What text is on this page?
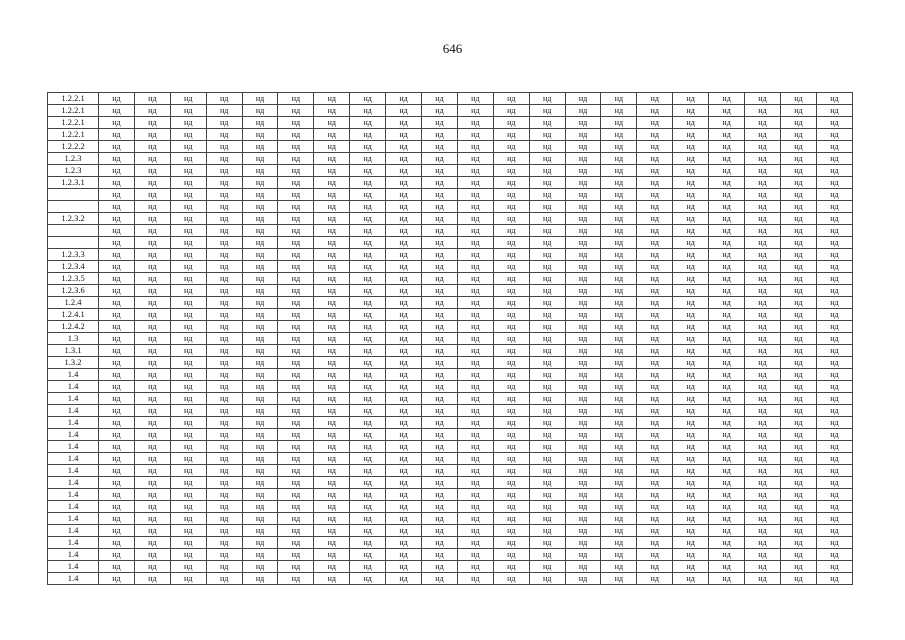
646
1.2.2.1	нд	нд	нд	нд	нд	нд	нд	нд	нд	нд	нд	нд	нд	нд	нд	нд	нд	нд	нд	нд	нд
1.2.2.1	нд	нд	нд	нд	нд	нд	нд	нд	нд	нд	нд	нд	нд	нд	нд	нд	нд	нд	нд	нд	нд
1.2.2.1	нд	нд	нд	нд	нд	нд	нд	нд	нд	нд	нд	нд	нд	нд	нд	нд	нд	нд	нд	нд	нд
1.2.2.1	нд	нд	нд	нд	нд	нд	нд	нд	нд	нд	нд	нд	нд	нд	нд	нд	нд	нд	нд	нд	нд
1.2.2.2	нд	нд	нд	нд	нд	нд	нд	нд	нд	нд	нд	нд	нд	нд	нд	нд	нд	нд	нд	нд	нд
1.2.3	нд	нд	нд	нд	нд	нд	нд	нд	нд	нд	нд	нд	нд	нд	нд	нд	нд	нд	нд	нд	нд
1.2.3	нд	нд	нд	нд	нд	нд	нд	нд	нд	нд	нд	нд	нд	нд	нд	нд	нд	нд	нд	нд	нд
1.2.3.1	нд	нд	нд	нд	нд	нд	нд	нд	нд	нд	нд	нд	нд	нд	нд	нд	нд	нд	нд	нд	нд
	нд	нд	нд	нд	нд	нд	нд	нд	нд	нд	нд	нд	нд	нд	нд	нд	нд	нд	нд	нд	нд
	нд	нд	нд	нд	нд	нд	нд	нд	нд	нд	нд	нд	нд	нд	нд	нд	нд	нд	нд	нд	нд
1.2.3.2	нд	нд	нд	нд	нд	нд	нд	нд	нд	нд	нд	нд	нд	нд	нд	нд	нд	нд	нд	нд	нд
	нд	нд	нд	нд	нд	нд	нд	нд	нд	нд	нд	нд	нд	нд	нд	нд	нд	нд	нд	нд	нд
	нд	нд	нд	нд	нд	нд	нд	нд	нд	нд	нд	нд	нд	нд	нд	нд	нд	нд	нд	нд	нд
1.2.3.3	нд	нд	нд	нд	нд	нд	нд	нд	нд	нд	нд	нд	нд	нд	нд	нд	нд	нд	нд	нд	нд
1.2.3.4	нд	нд	нд	нд	нд	нд	нд	нд	нд	нд	нд	нд	нд	нд	нд	нд	нд	нд	нд	нд	нд
1.2.3.5	нд	нд	нд	нд	нд	нд	нд	нд	нд	нд	нд	нд	нд	нд	нд	нд	нд	нд	нд	нд	нд
1.2.3.6	нд	нд	нд	нд	нд	нд	нд	нд	нд	нд	нд	нд	нд	нд	нд	нд	нд	нд	нд	нд	нд
1.2.4	нд	нд	нд	нд	нд	нд	нд	нд	нд	нд	нд	нд	нд	нд	нд	нд	нд	нд	нд	нд	нд
1.2.4.1	нд	нд	нд	нд	нд	нд	нд	нд	нд	нд	нд	нд	нд	нд	нд	нд	нд	нд	нд	нд	нд
1.2.4.2	нд	нд	нд	нд	нд	нд	нд	нд	нд	нд	нд	нд	нд	нд	нд	нд	нд	нд	нд	нд	нд
1.3	нд	нд	нд	нд	нд	нд	нд	нд	нд	нд	нд	нд	нд	нд	нд	нд	нд	нд	нд	нд	нд
1.3.1	нд	нд	нд	нд	нд	нд	нд	нд	нд	нд	нд	нд	нд	нд	нд	нд	нд	нд	нд	нд	нд
1.3.2	нд	нд	нд	нд	нд	нд	нд	нд	нд	нд	нд	нд	нд	нд	нд	нд	нд	нд	нд	нд	нд
1.4	нд	нд	нд	нд	нд	нд	нд	нд	нд	нд	нд	нд	нд	нд	нд	нд	нд	нд	нд	нд	нд
1.4	нд	нд	нд	нд	нд	нд	нд	нд	нд	нд	нд	нд	нд	нд	нд	нд	нд	нд	нд	нд	нд
1.4	нд	нд	нд	нд	нд	нд	нд	нд	нд	нд	нд	нд	нд	нд	нд	нд	нд	нд	нд	нд	нд
1.4	нд	нд	нд	нд	нд	нд	нд	нд	нд	нд	нд	нд	нд	нд	нд	нд	нд	нд	нд	нд	нд
1.4	нд	нд	нд	нд	нд	нд	нд	нд	нд	нд	нд	нд	нд	нд	нд	нд	нд	нд	нд	нд	нд
1.4	нд	нд	нд	нд	нд	нд	нд	нд	нд	нд	нд	нд	нд	нд	нд	нд	нд	нд	нд	нд	нд
1.4	нд	нд	нд	нд	нд	нд	нд	нд	нд	нд	нд	нд	нд	нд	нд	нд	нд	нд	нд	нд	нд
1.4	нд	нд	нд	нд	нд	нд	нд	нд	нд	нд	нд	нд	нд	нд	нд	нд	нд	нд	нд	нд	нд
1.4	нд	нд	нд	нд	нд	нд	нд	нд	нд	нд	нд	нд	нд	нд	нд	нд	нд	нд	нд	нд	нд
1.4	нд	нд	нд	нд	нд	нд	нд	нд	нд	нд	нд	нд	нд	нд	нд	нд	нд	нд	нд	нд	нд
1.4	нд	нд	нд	нд	нд	нд	нд	нд	нд	нд	нд	нд	нд	нд	нд	нд	нд	нд	нд	нд	нд
1.4	нд	нд	нд	нд	нд	нд	нд	нд	нд	нд	нд	нд	нд	нд	нд	нд	нд	нд	нд	нд	нд
1.4	нд	нд	нд	нд	нд	нд	нд	нд	нд	нд	нд	нд	нд	нд	нд	нд	нд	нд	нд	нд	нд
1.4	нд	нд	нд	нд	нд	нд	нд	нд	нд	нд	нд	нд	нд	нд	нд	нд	нд	нд	нд	нд	нд
1.4	нд	нд	нд	нд	нд	нд	нд	нд	нд	нд	нд	нд	нд	нд	нд	нд	нд	нд	нд	нд	нд
1.4	нд	нд	нд	нд	нд	нд	нд	нд	нд	нд	нд	нд	нд	нд	нд	нд	нд	нд	нд	нд	нд
1.4	нд	нд	нд	нд	нд	нд	нд	нд	нд	нд	нд	нд	нд	нд	нд	нд	нд	нд	нд	нд	нд
1.4	нд	нд	нд	нд	нд	нд	нд	нд	нд	нд	нд	нд	нд	нд	нд	нд	нд	нд	нд	нд	нд
